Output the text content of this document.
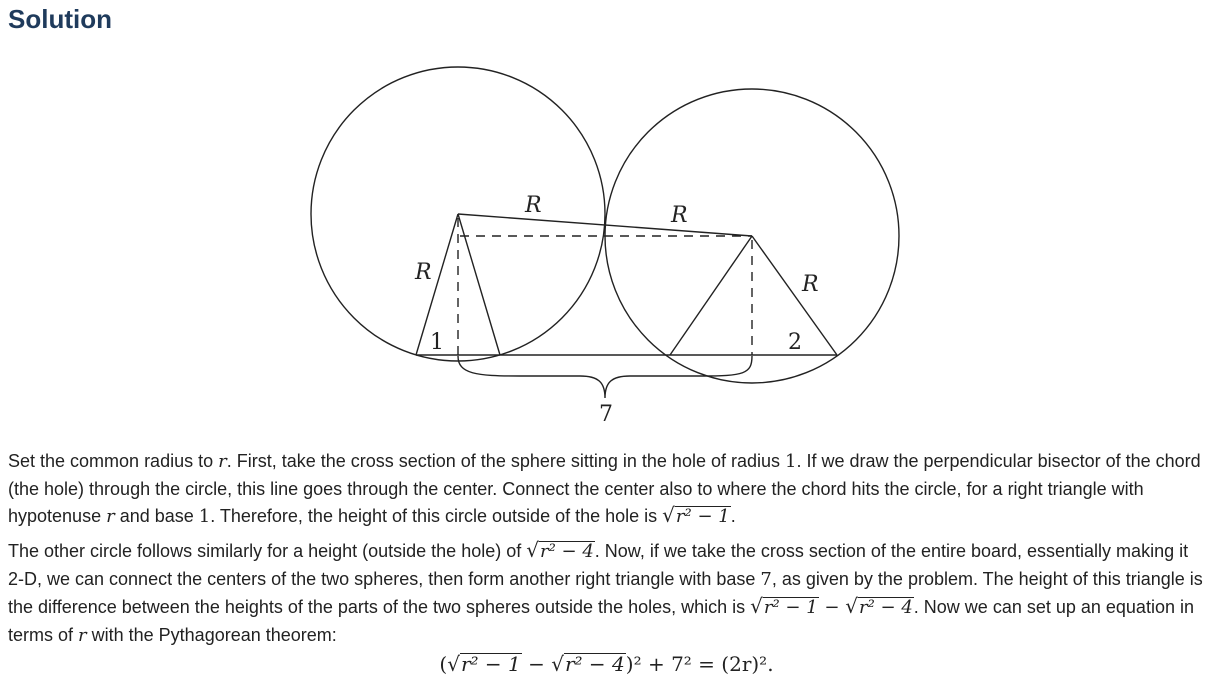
Solution
R	R
R	R
1	2
7

Set the common radius to r. First, take the cross section of the sphere sitting in the hole of radius 1. If we draw the perpendicular bisector of the chord (the hole) through the circle, this line goes through the center. Connect the center also to where the chord hits the circle, for a right triangle with hypotenuse r and base 1. Therefore, the height of this circle outside of the hole is √r² − 1.

The other circle follows similarly for a height (outside the hole) of √r² − 4. Now, if we take the cross section of the entire board, essentially making it 2-D, we can connect the centers of the two spheres, then form another right triangle with base 7, as given by the problem. The height of this triangle is the difference between the heights of the parts of the two spheres outside the holes, which is √r² − 1 − √r² − 4. Now we can set up an equation in terms of r with the Pythagorean theorem:

(√r² − 1 − √r² − 4)² + 7² = (2r)².
